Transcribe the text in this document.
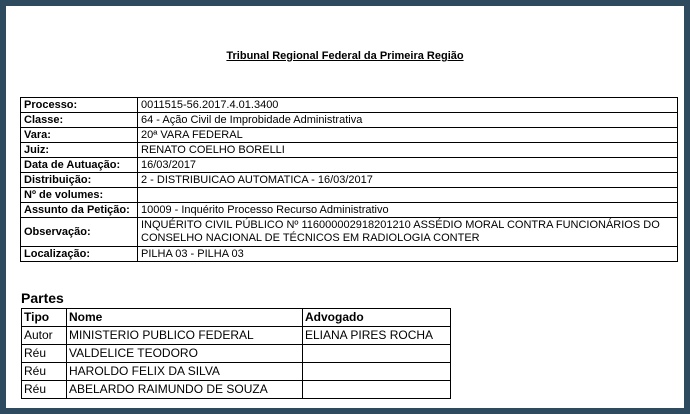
Tribunal Regional Federal da Primeira Região
Processo:	0011515-56.2017.4.01.3400
Classe:	64 - Ação Civil de Improbidade Administrativa
Vara:	20ª VARA FEDERAL
Juiz:	RENATO COELHO BORELLI
Data de Autuação:	16/03/2017
Distribuição:	2 - DISTRIBUICAO AUTOMATICA - 16/03/2017
Nº de volumes:	
Assunto da Petição:	10009 - Inquérito Processo Recurso Administrativo
Observação:	INQUÉRITO CIVIL PÚBLICO Nº 116000002918201210 ASSÉDIO MORAL CONTRA FUNCIONÁRIOS DO CONSELHO NACIONAL DE TÉCNICOS EM RADIOLOGIA CONTER
Localização:	PILHA 03 - PILHA 03
Partes
Tipo	Nome	Advogado
Autor	MINISTERIO PUBLICO FEDERAL	ELIANA PIRES ROCHA
Réu	VALDELICE TEODORO	
Réu	HAROLDO FELIX DA SILVA	
Réu	ABELARDO RAIMUNDO DE SOUZA	
